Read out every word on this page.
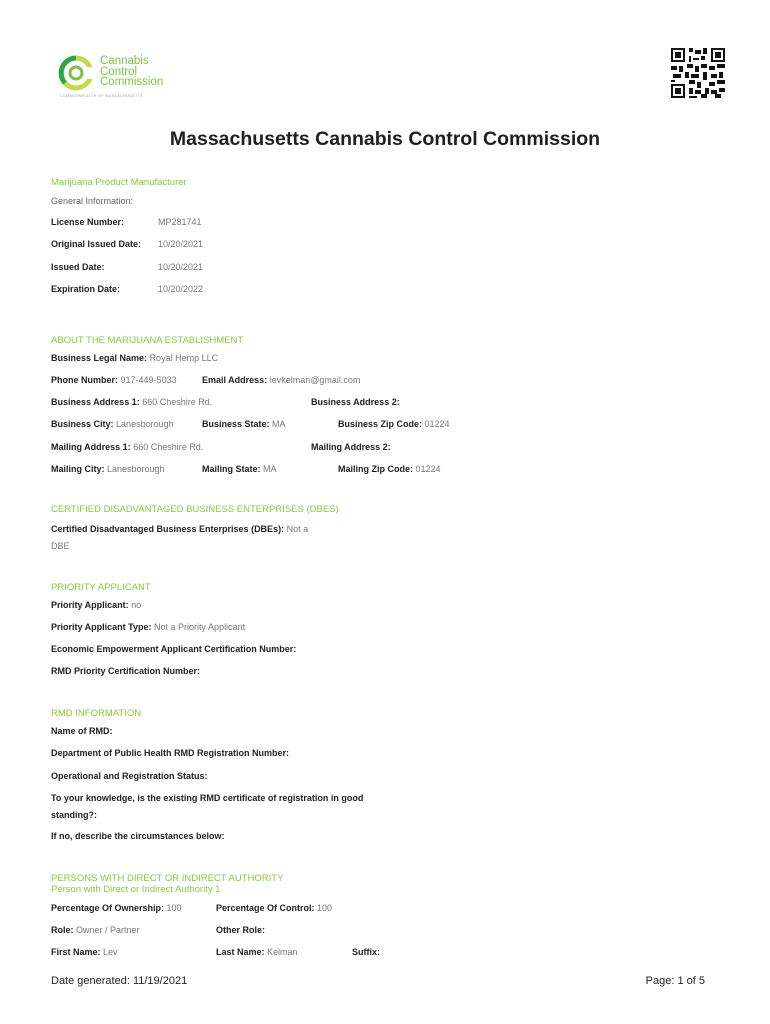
Cannabis
Control
Commission
COMMONWEALTH OF MASSACHUSETTS
Massachusetts Cannabis Control Commission
Marijuana Product Manufacturer
General Information:
License Number:	MP281741
Original Issued Date: 10/20/2021
Issued Date:	10/20/2021
Expiration Date:	10/20/2022
ABOUT THE MARIJUANA ESTABLISHMENT
Business Legal Name: Royal Hemp LLC
Phone Number: 917-449-5033	Email Address: levkelman@gmail.com
Business Address 1: 660 Cheshire Rd.	Business Address 2:
Business City: Lanesborough	Business State: MA	Business Zip Code: 01224
Mailing Address 1: 660 Cheshire Rd.	Mailing Address 2:
Mailing City: Lanesborough	Mailing State: MA	Mailing Zip Code: 01224
CERTIFIED DISADVANTAGED BUSINESS ENTERPRISES (DBES)
Certified Disadvantaged Business Enterprises (DBEs): Not a
DBE
PRIORITY APPLICANT
Priority Applicant: no
Priority Applicant Type: Not a Priority Applicant
Economic Empowerment Applicant Certification Number:
RMD Priority Certification Number:
RMD INFORMATION
Name of RMD:
Department of Public Health RMD Registration Number:
Operational and Registration Status:
To your knowledge, is the existing RMD certificate of registration in good
standing?:
If no, describe the circumstances below:
PERSONS WITH DIRECT OR INDIRECT AUTHORITY
Person with Direct or Indirect Authority 1
Percentage Of Ownership: 100	Percentage Of Control: 100
Role: Owner / Partner	Other Role:
First Name: Lev	Last Name: Kelman	Suffix:
Date generated: 11/19/2021	Page: 1 of 5
